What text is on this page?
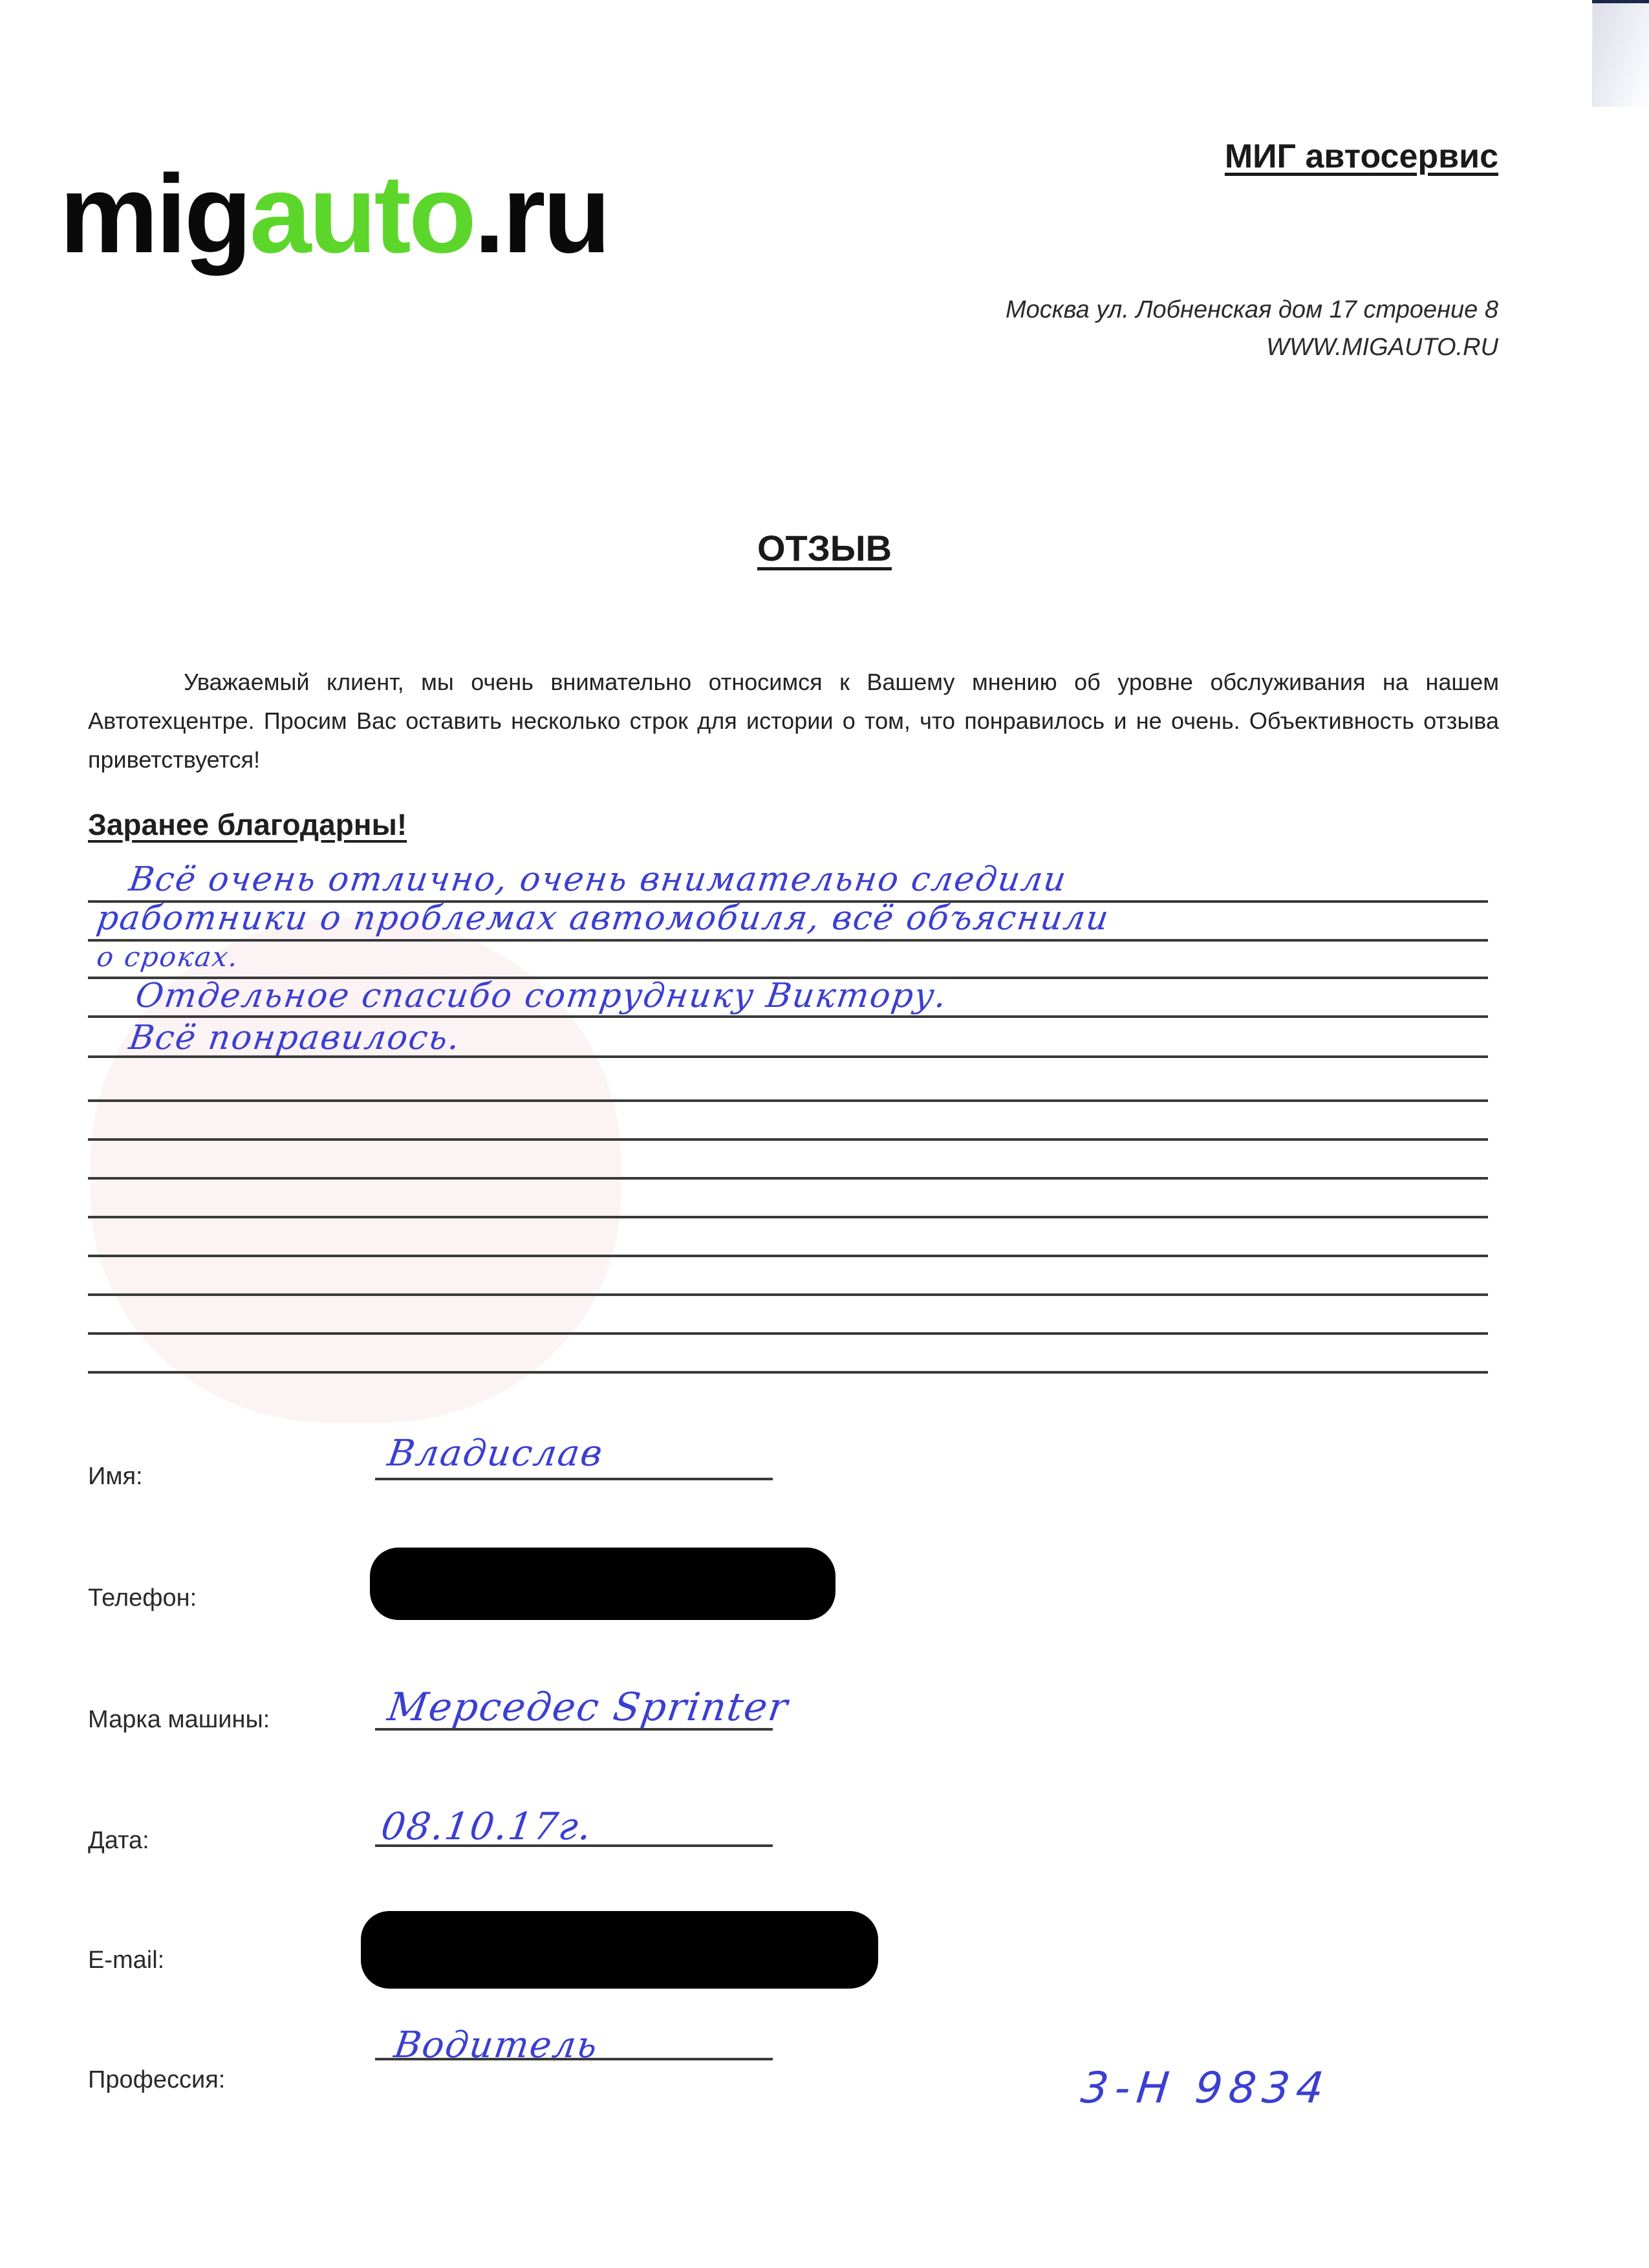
migauto.ru	МИГ автосервис
Москва ул. Лобненская дом 17 строение 8
WWW.MIGAUTO.RU
ОТЗЫВ
Уважаемый клиент, мы очень внимательно относимся к Вашему мнению об уровне обслуживания на нашем Автотехцентре. Просим Вас оставить несколько строк для истории о том, что понравилось и не очень. Объективность отзыва приветствуется!
Заранее благодарны!
Всё очень отлично, очень внимательно следили
работники о проблемах автомобиля, всё объяснили
о сроках.
Отдельное спасибо сотруднику Виктору.
Всё понравилось.
Имя:
Владислав
Телефон:
Марка машины:	Мерседес Sprinter
Дата:	08.10.17г.
E-mail:
Профессия:
Водитель
3-Н 9834
